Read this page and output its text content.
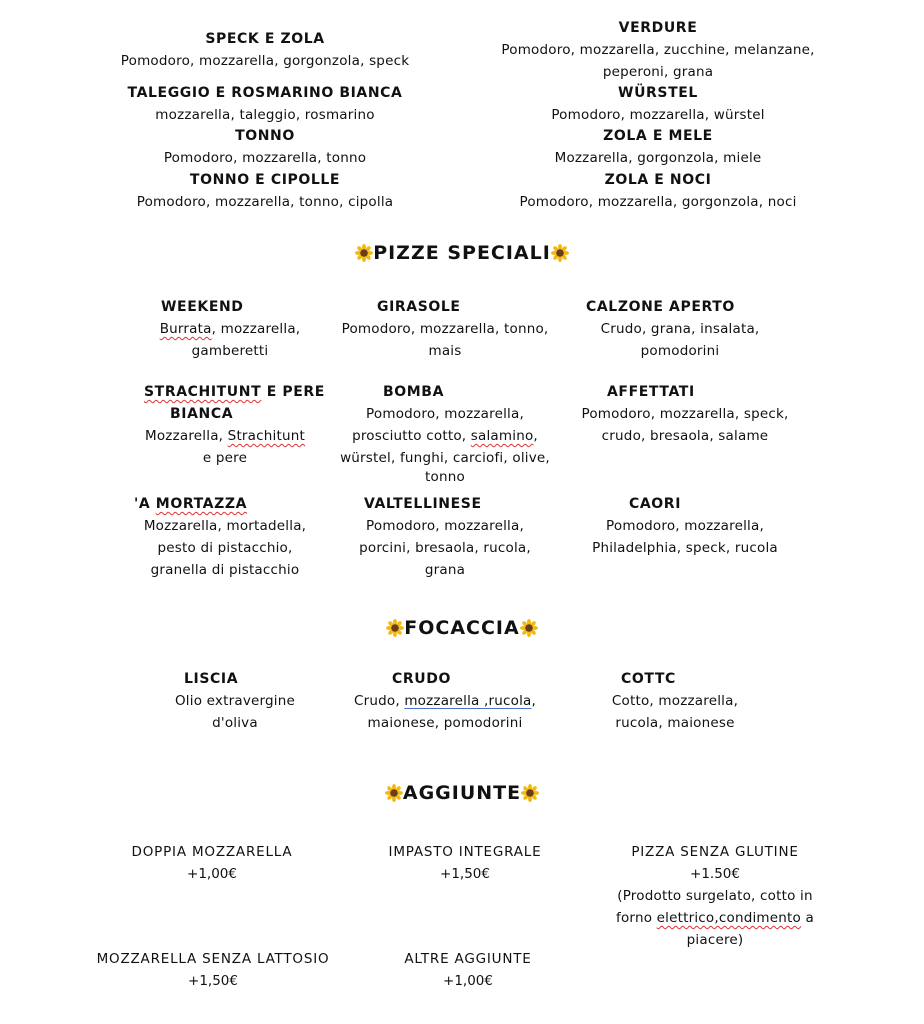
SPECK E ZOLA
Pomodoro, mozzarella, gorgonzola, speck
TALEGGIO E ROSMARINO BIANCA
mozzarella, taleggio, rosmarino
TONNO
Pomodoro, mozzarella, tonno
TONNO E CIPOLLE
Pomodoro, mozzarella, tonno, cipolla
VERDURE
Pomodoro, mozzarella, zucchine, melanzane,
peperoni, grana
WÜRSTEL
Pomodoro, mozzarella, würstel
ZOLA E MELE
Mozzarella, gorgonzola, miele
ZOLA E NOCI
Pomodoro, mozzarella, gorgonzola, noci
PIZZE SPECIALI
WEEKEND
Burrata, mozzarella,
gamberetti
GIRASOLE
Pomodoro, mozzarella, tonno,
mais
CALZONE APERTO
Crudo, grana, insalata,
pomodorini
STRACHITUNT E PERE
BIANCA
Mozzarella, Strachitunt
e pere
BOMBA
Pomodoro, mozzarella,
prosciutto cotto, salamino,
würstel, funghi, carciofi, olive,
tonno
AFFETTATI
Pomodoro, mozzarella, speck,
crudo, bresaola, salame
'A MORTAZZA
Mozzarella, mortadella,
pesto di pistacchio,
granella di pistacchio
VALTELLINESE
Pomodoro, mozzarella,
porcini, bresaola, rucola,
grana
CAORI
Pomodoro, mozzarella,
Philadelphia, speck, rucola
FOCACCIA
LISCIA
Olio extravergine
d'oliva
CRUDO
Crudo, mozzarella ,rucola,
maionese, pomodorini
COTTC
Cotto, mozzarella,
rucola, maionese
AGGIUNTE
DOPPIA MOZZARELLA
+1,00€
IMPASTO INTEGRALE
+1,50€
PIZZA SENZA GLUTINE
+1.50€
(Prodotto surgelato, cotto in
forno elettrico,condimento a
piacere)
MOZZARELLA SENZA LATTOSIO
+1,50€
ALTRE AGGIUNTE
+1,00€
